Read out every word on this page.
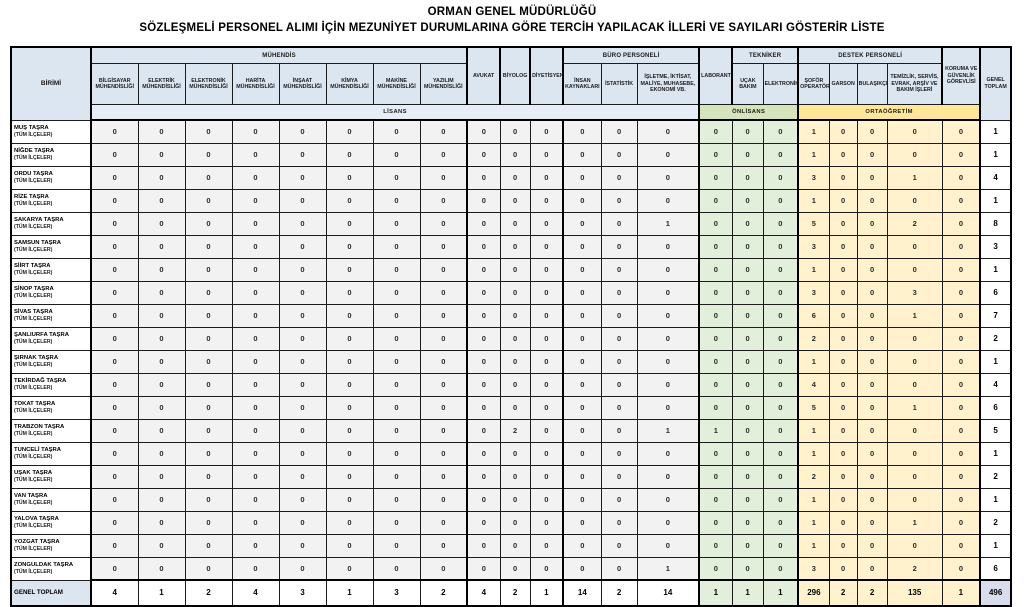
ORMAN GENEL MÜDÜRLÜĞÜ
SÖZLEŞMELİ PERSONEL ALIMI İÇİN MEZUNİYET DURUMLARINA GÖRE TERCİH YAPILACAK İLLERİ VE SAYILARI GÖSTERİR LİSTE
BİRİMİ	MÜHENDİS								AVUKAT	BİYOLOG	DİYETİSYEN	BÜRO PERSONELİ			LABORANT	TEKNİKER		DESTEK PERSONELİ				KORUMA VE GÜVENLİK GÖREVLİSİ	GENEL TOPLAM
	BİLGİSAYAR MÜHENDİSLİĞİ	ELEKTRİK MÜHENDİSLİĞİ	ELEKTRONİK MÜHENDİSLİĞİ	HARİTA MÜHENDİSLİĞİ	İNŞAAT MÜHENDİSLİĞİ	KİMYA MÜHENDİSLİĞİ	MAKİNE MÜHENDİSLİĞİ	YAZILIM MÜHENDİSLİĞİ				İNSAN KAYNAKLARI	İSTATİSTİK	İŞLETME, İKTİSAT, MALİYE, MUHASEBE, EKONOMİ VB.		UÇAK BAKIM	ELEKTRONİK	ŞOFÖR OPERATÖR	GARSON	BULAŞIKÇI	TEMİZLİK, SERVİS, EVRAK, ARŞİV VE BAKIM İŞLERİ		
	LİSANS														ÖNLİSANS			ORTAÖĞRETİM					

MUŞ TAŞRA
(TÜM İLÇELER)	0	0	0	0	0	0	0	0	0	0	0	0	0	0	0	0	0	1	0	0	0	0	1

NİĞDE TAŞRA
(TÜM İLÇELER)	0	0	0	0	0	0	0	0	0	0	0	0	0	0	0	0	0	1	0	0	0	0	1

ORDU TAŞRA
(TÜM İLÇELER)	0	0	0	0	0	0	0	0	0	0	0	0	0	0	0	0	0	3	0	0	1	0	4

RİZE TAŞRA
(TÜM İLÇELER)	0	0	0	0	0	0	0	0	0	0	0	0	0	0	0	0	0	1	0	0	0	0	1

SAKARYA TAŞRA
(TÜM İLÇELER)	0	0	0	0	0	0	0	0	0	0	0	0	0	1	0	0	0	5	0	0	2	0	8

SAMSUN TAŞRA
(TÜM İLÇELER)	0	0	0	0	0	0	0	0	0	0	0	0	0	0	0	0	0	3	0	0	0	0	3

SİİRT TAŞRA
(TÜM İLÇELER)	0	0	0	0	0	0	0	0	0	0	0	0	0	0	0	0	0	1	0	0	0	0	1

SİNOP TAŞRA
(TÜM İLÇELER)	0	0	0	0	0	0	0	0	0	0	0	0	0	0	0	0	0	3	0	0	3	0	6

SİVAS TAŞRA
(TÜM İLÇELER)	0	0	0	0	0	0	0	0	0	0	0	0	0	0	0	0	0	6	0	0	1	0	7

ŞANLIURFA TAŞRA
(TÜM İLÇELER)	0	0	0	0	0	0	0	0	0	0	0	0	0	0	0	0	0	2	0	0	0	0	2

ŞIRNAK TAŞRA
(TÜM İLÇELER)	0	0	0	0	0	0	0	0	0	0	0	0	0	0	0	0	0	1	0	0	0	0	1

TEKİRDAĞ TAŞRA
(TÜM İLÇELER)	0	0	0	0	0	0	0	0	0	0	0	0	0	0	0	0	0	4	0	0	0	0	4

TOKAT TAŞRA
(TÜM İLÇELER)	0	0	0	0	0	0	0	0	0	0	0	0	0	0	0	0	0	5	0	0	1	0	6

TRABZON TAŞRA
(TÜM İLÇELER)	0	0	0	0	0	0	0	0	0	2	0	0	0	1	1	0	0	1	0	0	0	0	5

TUNCELİ TAŞRA
(TÜM İLÇELER)	0	0	0	0	0	0	0	0	0	0	0	0	0	0	0	0	0	1	0	0	0	0	1

UŞAK TAŞRA
(TÜM İLÇELER)	0	0	0	0	0	0	0	0	0	0	0	0	0	0	0	0	0	2	0	0	0	0	2

VAN TAŞRA
(TÜM İLÇELER)	0	0	0	0	0	0	0	0	0	0	0	0	0	0	0	0	0	1	0	0	0	0	1

YALOVA TAŞRA
(TÜM İLÇELER)	0	0	0	0	0	0	0	0	0	0	0	0	0	0	0	0	0	1	0	0	1	0	2

YOZGAT TAŞRA
(TÜM İLÇELER)	0	0	0	0	0	0	0	0	0	0	0	0	0	0	0	0	0	1	0	0	0	0	1

ZONGULDAK TAŞRA
(TÜM İLÇELER)	0	0	0	0	0	0	0	0	0	0	0	0	0	1	0	0	0	3	0	0	2	0	6
GENEL TOPLAM	4	1	2	4	3	1	3	2	4	2	1	14	2	14	1	1	1	296	2	2	135	1	496
